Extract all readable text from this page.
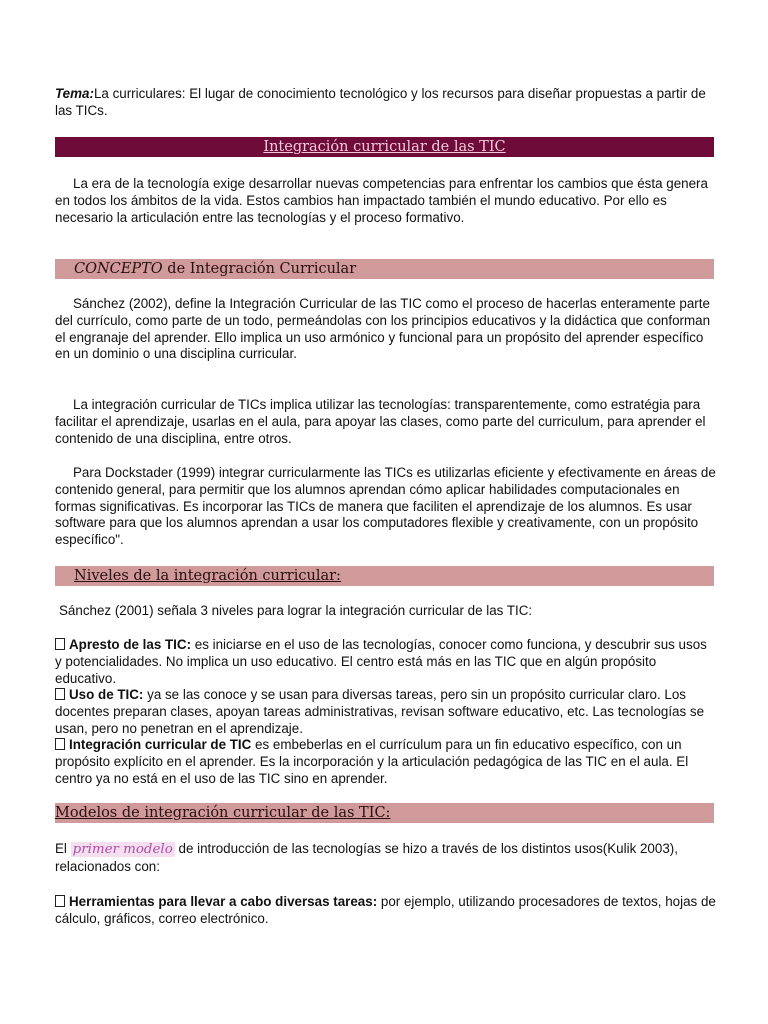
Tema:La curriculares: El lugar de conocimiento tecnológico y los recursos para diseñar propuestas a partir de las TICs.

Integración curricular de las TIC

La era de la tecnología exige desarrollar nuevas competencias para enfrentar los cambios que ésta genera en todos los ámbitos de la vida. Estos cambios han impactado también el mundo educativo. Por ello es necesario la articulación entre las tecnologías y el proceso formativo.

CONCEPTO de Integración Curricular

Sánchez (2002), define la Integración Curricular de las TIC como el proceso de hacerlas enteramente parte del currículo, como parte de un todo, permeándolas con los principios educativos y la didáctica que conforman el engranaje del aprender. Ello implica un uso armónico y funcional para un propósito del aprender específico en un dominio o una disciplina curricular.

La integración curricular de TICs implica utilizar las tecnologías: transparentemente, como estratégia para facilitar el aprendizaje, usarlas en el aula, para apoyar las clases, como parte del curriculum, para aprender el contenido de una disciplina, entre otros.

Para Dockstader (1999) integrar curricularmente las TICs es utilizarlas eficiente y efectivamente en áreas de contenido general, para permitir que los alumnos aprendan cómo aplicar habilidades computacionales en formas significativas. Es incorporar las TICs de manera que faciliten el aprendizaje de los alumnos. Es usar software para que los alumnos aprendan a usar los computadores flexible y creativamente, con un propósito específico".

Niveles de la integración curricular:

Sánchez (2001) señala 3 niveles para lograr la integración curricular de las TIC:

Apresto de las TIC: es iniciarse en el uso de las tecnologías, conocer como funciona, y descubrir sus usos y potencialidades. No implica un uso educativo. El centro está más en las TIC que en algún propósito educativo.

Uso de TIC: ya se las conoce y se usan para diversas tareas, pero sin un propósito curricular claro. Los docentes preparan clases, apoyan tareas administrativas, revisan software educativo, etc. Las tecnologías se usan, pero no penetran en el aprendizaje.

Integración curricular de TIC es embeberlas en el currículum para un fin educativo específico, con un propósito explícito en el aprender. Es la incorporación y la articulación pedagógica de las TIC en el aula. El centro ya no está en el uso de las TIC sino en aprender.

Modelos de integración curricular de las TIC:

El primer modelo de introducción de las tecnologías se hizo a través de los distintos usos(Kulik 2003), relacionados con:

Herramientas para llevar a cabo diversas tareas: por ejemplo, utilizando procesadores de textos, hojas de cálculo, gráficos, correo electrónico.
